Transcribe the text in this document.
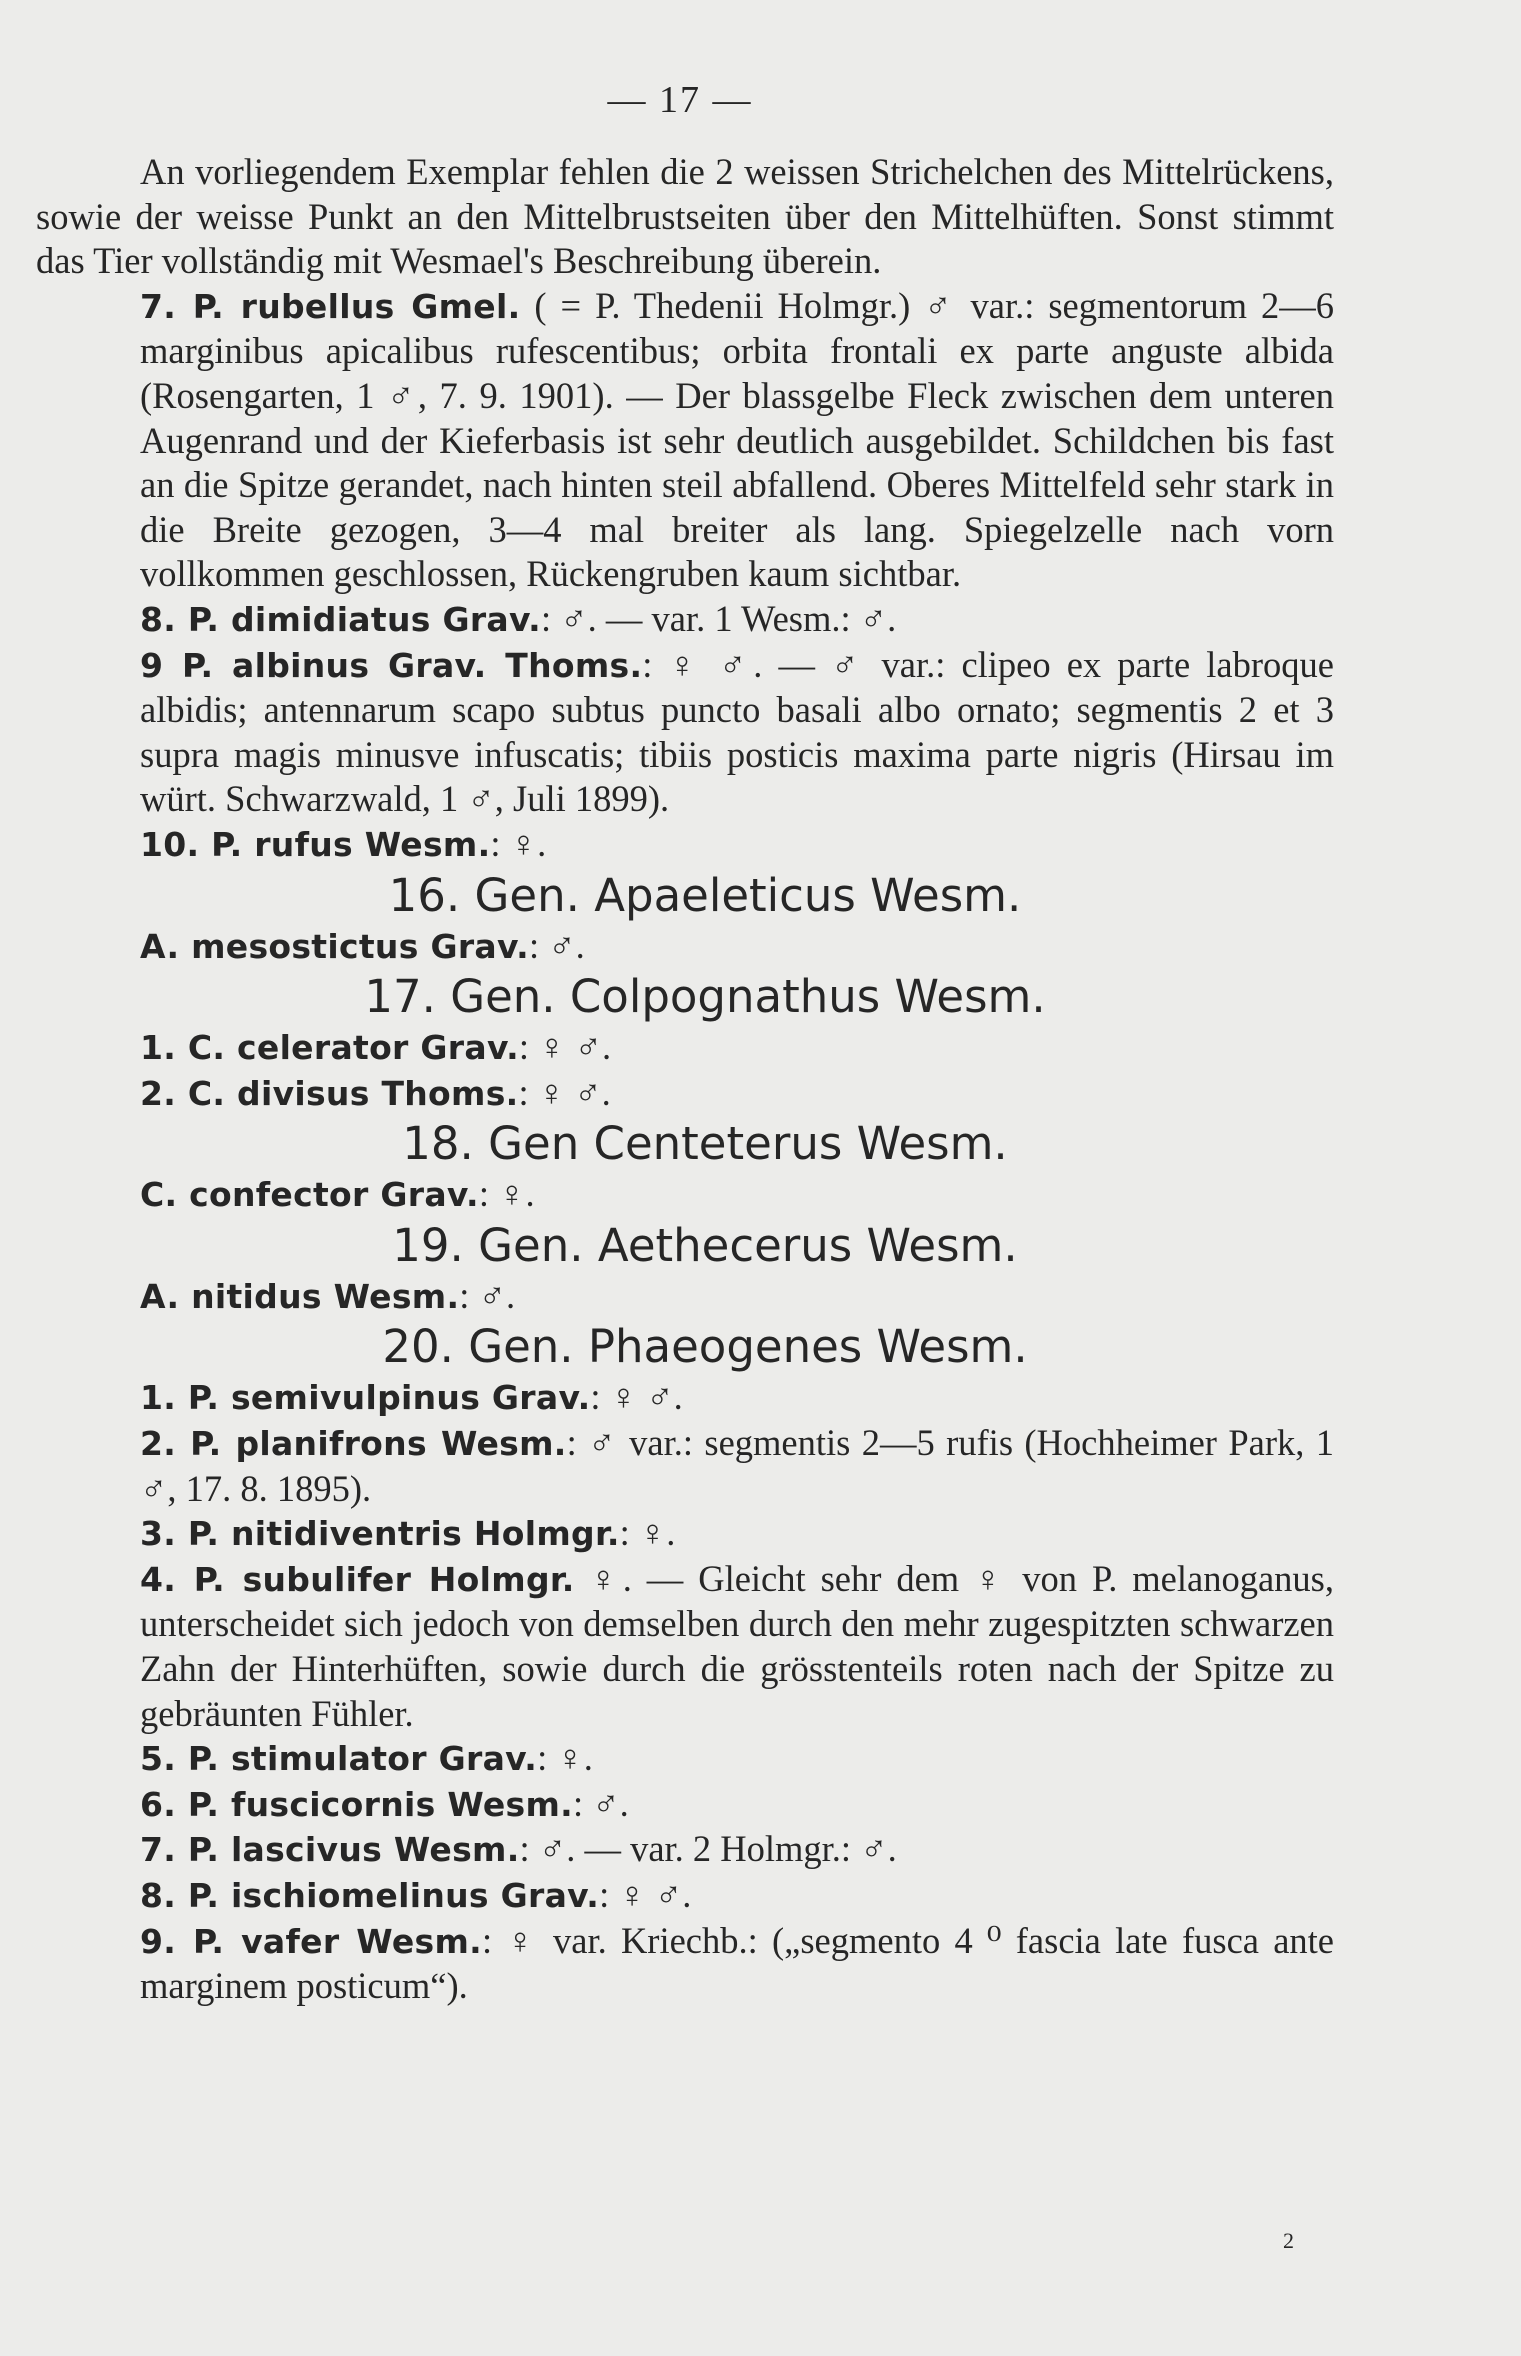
— 17 —

An vorliegendem Exemplar fehlen die 2 weissen Strichelchen des Mittelrückens, sowie der weisse Punkt an den Mittelbrustseiten über den Mittelhüften. Sonst stimmt das Tier vollständig mit Wesmael's Beschreibung überein.

7. P. rubellus Gmel. ( = P. Thedenii Holmgr.) ♂ var.: segmentorum 2—6 marginibus apicalibus rufescentibus; orbita frontali ex parte anguste albida (Rosengarten, 1 ♂, 7. 9. 1901). — Der blassgelbe Fleck zwischen dem unteren Augenrand und der Kieferbasis ist sehr deutlich ausgebildet. Schildchen bis fast an die Spitze gerandet, nach hinten steil abfallend. Oberes Mittelfeld sehr stark in die Breite gezogen, 3—4 mal breiter als lang. Spiegelzelle nach vorn vollkommen geschlossen, Rückengruben kaum sichtbar.

8. P. dimidiatus Grav.: ♂. — var. 1 Wesm.: ♂.

9 P. albinus Grav. Thoms.: ♀ ♂. — ♂ var.: clipeo ex parte labroque albidis; antennarum scapo subtus puncto basali albo ornato; segmentis 2 et 3 supra magis minusve infuscatis; tibiis posticis maxima parte nigris (Hirsau im würt. Schwarzwald, 1 ♂, Juli 1899).

10. P. rufus Wesm.: ♀.

16. Gen. Apaeleticus Wesm.

A. mesostictus Grav.: ♂.

17. Gen. Colpognathus Wesm.

1. C. celerator Grav.: ♀ ♂.

2. C. divisus Thoms.: ♀ ♂.

18. Gen Centeterus Wesm.

C. confector Grav.: ♀.

19. Gen. Aethecerus Wesm.

A. nitidus Wesm.: ♂.

20. Gen. Phaeogenes Wesm.

1. P. semivulpinus Grav.: ♀ ♂.

2. P. planifrons Wesm.: ♂ var.: segmentis 2—5 rufis (Hochheimer Park, 1 ♂, 17. 8. 1895).

3. P. nitidiventris Holmgr.: ♀.

4. P. subulifer Holmgr. ♀. — Gleicht sehr dem ♀ von P. melanoganus, unterscheidet sich jedoch von demselben durch den mehr zugespitzten schwarzen Zahn der Hinterhüften, sowie durch die grösstenteils roten nach der Spitze zu gebräunten Fühler.

5. P. stimulator Grav.: ♀.

6. P. fuscicornis Wesm.: ♂.

7. P. lascivus Wesm.: ♂. — var. 2 Holmgr.: ♂.

8. P. ischiomelinus Grav.: ♀ ♂.

9. P. vafer Wesm.: ♀ var. Kriechb.: („segmento 4 ⁰ fascia late fusca ante marginem posticum“).

2
